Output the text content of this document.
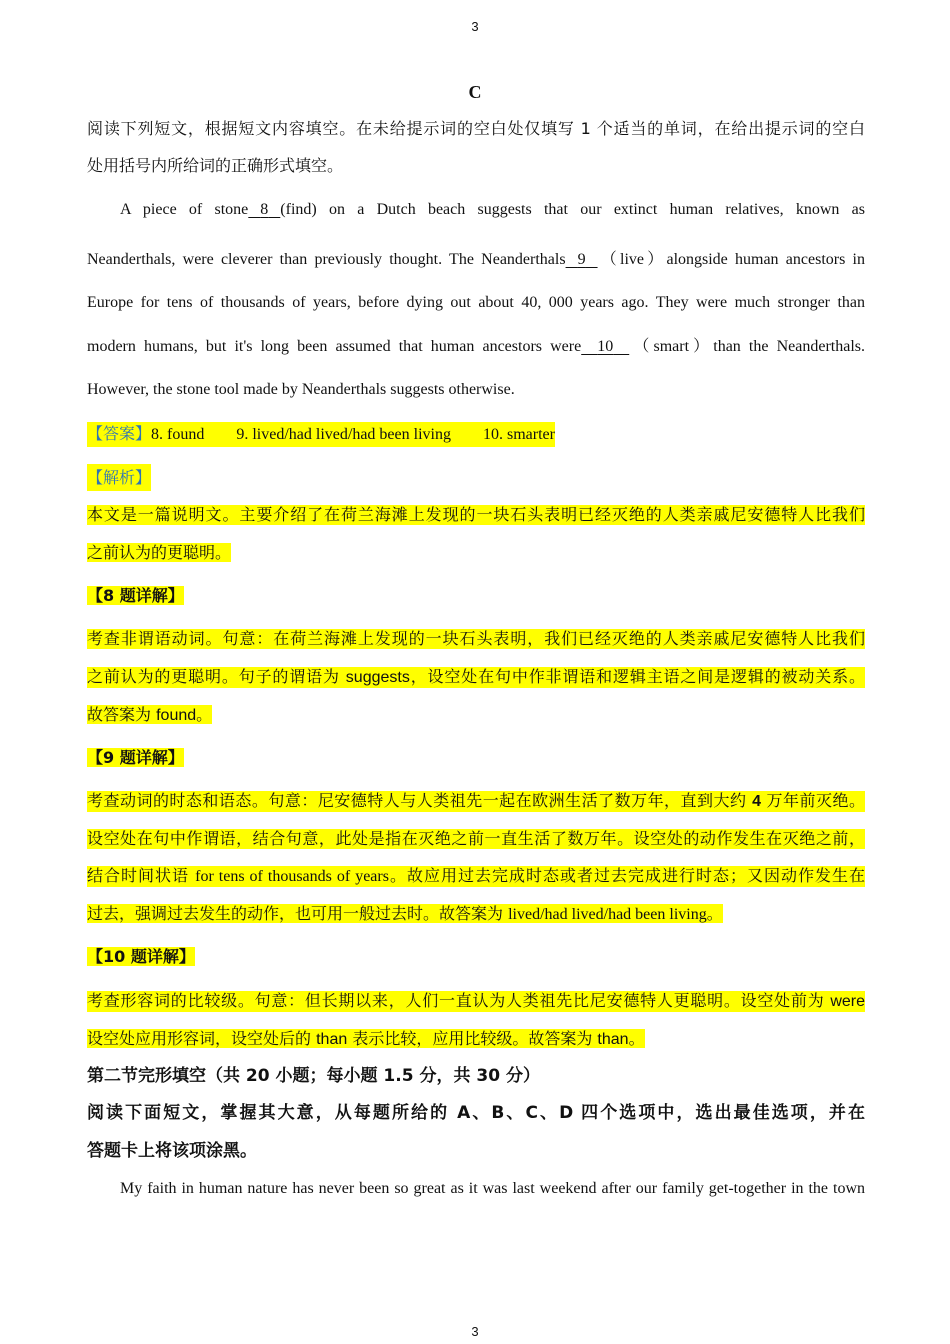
3
C
阅读下列短文，根据短文内容填空。在未给提示词的空白处仅填写 1 个适当的单词，在给出提示词的空白
处用括号内所给词的正确形式填空。
A piece of stone 8 (find) on a Dutch beach suggests that our extinct human relatives, known as
Neanderthals, were cleverer than previously thought. The Neanderthals 9 （live）alongside human ancestors in
Europe for tens of thousands of years, before dying out about 40, 000 years ago. They were much stronger than
modern humans, but it's long been assumed that human ancestors were 10 （smart）than the Neanderthals.
However, the stone tool made by Neanderthals suggests otherwise.
【答案】8. found 9. lived/had lived/had been living 10. smarter
【解析】
本文是一篇说明文。主要介绍了在荷兰海滩上发现的一块石头表明已经灭绝的人类亲戚尼安德特人比我们
之前认为的更聪明。
【8 题详解】
考查非谓语动词。句意：在荷兰海滩上发现的一块石头表明，我们已经灭绝的人类亲戚尼安德特人比我们
之前认为的更聪明。句子的谓语为 suggests，设空处在句中作非谓语和逻辑主语之间是逻辑的被动关系。
故答案为 found。
【9 题详解】
考查动词的时态和语态。句意：尼安德特人与人类祖先一起在欧洲生活了数万年，直到大约 4 万年前灭绝。
设空处在句中作谓语，结合句意，此处是指在灭绝之前一直生活了数万年。设空处的动作发生在灭绝之前，
结合时间状语 for tens of thousands of years。故应用过去完成时态或者过去完成进行时态；又因动作发生在
过去，强调过去发生的动作，也可用一般过去时。故答案为 lived/had lived/had been living。
【10 题详解】
考查形容词的比较级。句意：但长期以来，人们一直认为人类祖先比尼安德特人更聪明。设空处前为 were
设空处应用形容词，设空处后的 than 表示比较，应用比较级。故答案为 than。
第二节完形填空（共 20 小题；每小题 1.5 分，共 30 分）
阅读下面短文，掌握其大意，从每题所给的 A、B、C、D 四个选项中，选出最佳选项，并在
答题卡上将该项涂黑。
My faith in human nature has never been so great as it was last weekend after our family get-together in the town
3
